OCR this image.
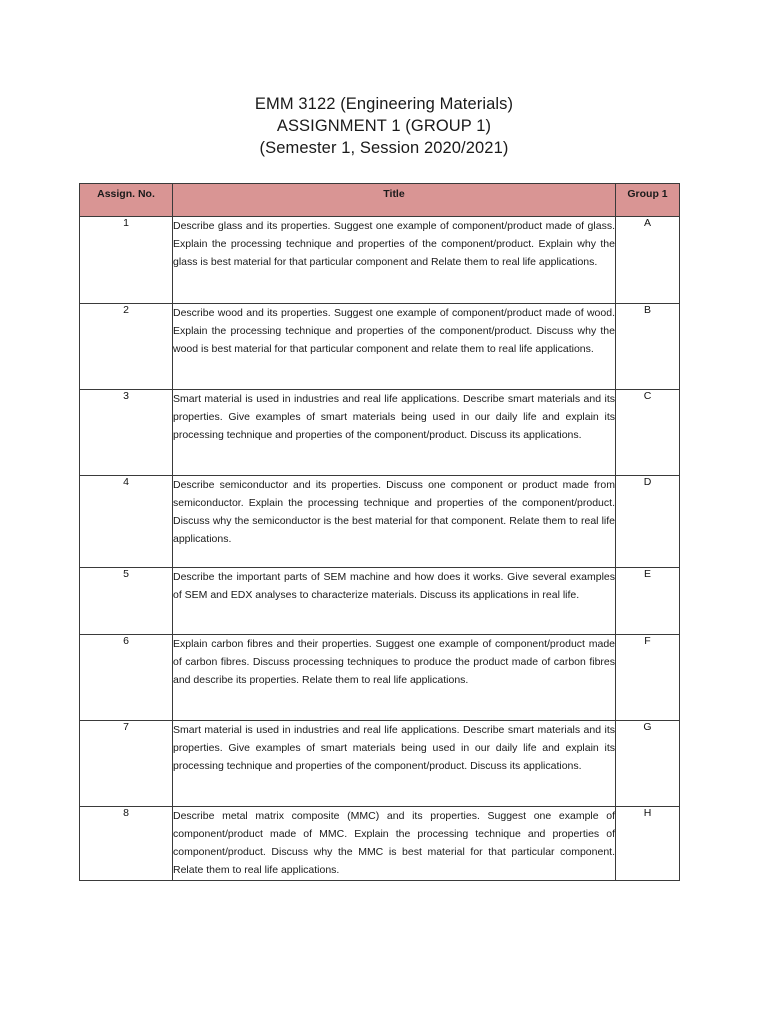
EMM 3122 (Engineering Materials)
ASSIGNMENT 1 (GROUP 1)
(Semester 1, Session 2020/2021)
Assign. No.	Title	Group 1
1	Describe glass and its properties. Suggest one example of component/product made of glass. Explain the processing technique and properties of the component/product. Explain why the glass is best material for that particular component and Relate them to real life applications.	A
2	Describe wood and its properties. Suggest one example of component/product made of wood. Explain the processing technique and properties of the component/product. Discuss why the wood is best material for that particular component and relate them to real life applications.	B
3	Smart material is used in industries and real life applications. Describe smart materials and its properties. Give examples of smart materials being used in our daily life and explain its processing technique and properties of the component/product. Discuss its applications.	C
4	Describe semiconductor and its properties. Discuss one component or product made from semiconductor. Explain the processing technique and properties of the component/product. Discuss why the semiconductor is the best material for that component. Relate them to real life applications.	D
5	Describe the important parts of SEM machine and how does it works. Give several examples of SEM and EDX analyses to characterize materials. Discuss its applications in real life.	E
6	Explain carbon fibres and their properties. Suggest one example of component/product made of carbon fibres. Discuss processing techniques to produce the product made of carbon fibres and describe its properties. Relate them to real life applications.	F
7	Smart material is used in industries and real life applications. Describe smart materials and its properties. Give examples of smart materials being used in our daily life and explain its processing technique and properties of the component/product. Discuss its applications.	G
8	Describe metal matrix composite (MMC) and its properties. Suggest one example of component/product made of MMC. Explain the processing technique and properties of component/product. Discuss why the MMC is best material for that particular component. Relate them to real life applications.	H
